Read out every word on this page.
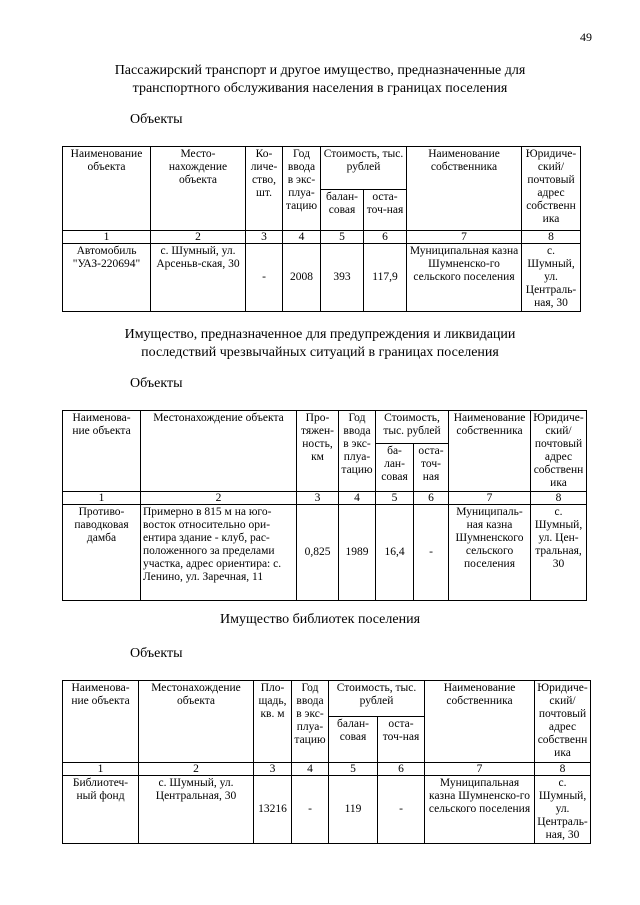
49
Пассажирский транспорт и другое имущество, предназначенные для
транспортного обслуживания населения в границах поселения
Объекты
Наименование объекта	Место-нахождение объекта	Ко-личе-ство, шт.	Год ввода в экс-плуа-тацию	Стоимость, тыс. рублей		Наименование собственника	Юридиче-ский/ почтовый адрес собственника
				балан-совая	оста-точ-ная		
1	2	3	4	5	6	7	8
Автомобиль "УАЗ-220694"	с. Шумный, ул. Арсеньв-ская, 30	-	2008	393	117,9	Муниципальная казна Шумненско-го сельского поселения	с. Шумный, ул. Централь-ная, 30
Имущество, предназначенное для предупреждения и ликвидации
последствий чрезвычайных ситуаций в границах поселения
Объекты
Наименова-ние объекта	Местонахождение объекта	Про-тяжен-ность, км	Год ввода в экс-плуа-тацию	Стоимость, тыс. рублей		Наименование собственника	Юридиче-ский/ почтовый адрес собственника
				ба-лан-совая	оста-точ-ная		
1	2	3	4	5	6	7	8
Противо-паводковая дамба	Примерно в 815 м на юго-восток относительно ори-ентира здание - клуб, рас-положенного за пределами участка, адрес ориентира: с. Ленино, ул. Заречная, 11	0,825	1989	16,4	-	Муниципаль-ная казна Шумненского сельского поселения	с. Шумный, ул. Цен-тральная, 30
Имущество библиотек поселения
Объекты
Наименова-ние объекта	Местонахождение объекта	Пло-щадь, кв. м	Год ввода в экс-плуа-тацию	Стоимость, тыс. рублей		Наименование собственника	Юридиче-ский/ почтовый адрес собственника
				балан-совая	оста-точ-ная		
1	2	3	4	5	6	7	8
Библиотеч-ный фонд	с. Шумный, ул. Центральная, 30	13216	-	119	-	Муниципальная казна Шумненско-го сельского поселения	с. Шумный, ул. Централь-ная, 30
